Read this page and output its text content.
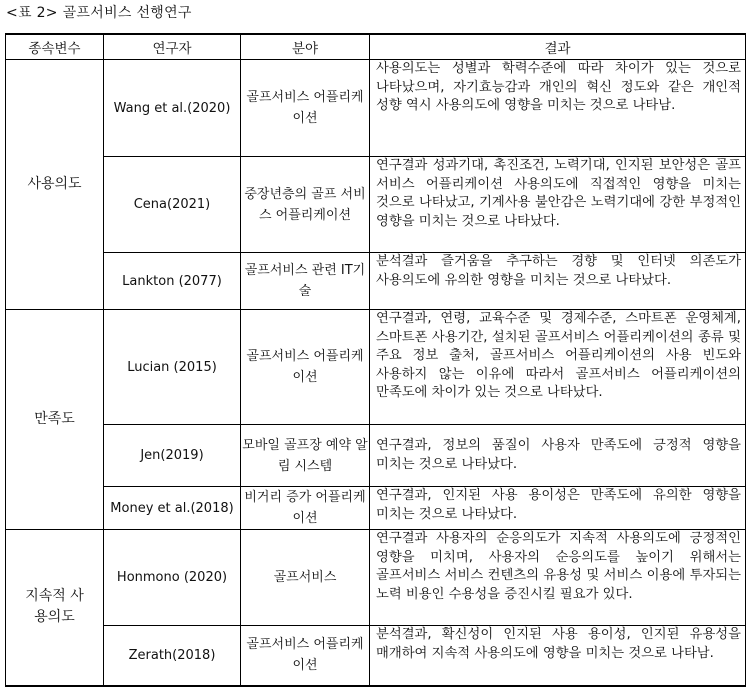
<표 2> 골프서비스 선행연구
종속변수	연구자	분야	결과
사용의도	Wang et al.(2020)	골프서비스 어플리케이션	사용의도는 성별과 학력수준에 따라 차이가 있는 것으로 나타났으며, 자기효능감과 개인의 혁신 정도와 같은 개인적 성향 역시 사용의도에 영향을 미치는 것으로 나타남.
	Cena(2021)	중장년층의 골프 서비스 어플리케이션	연구결과 성과기대, 촉진조건, 노력기대, 인지된 보안성은 골프 서비스 어플리케이션 사용의도에 직접적인 영향을 미치는 것으로 나타났고, 기계사용 불안감은 노력기대에 강한 부정적인 영향을 미치는 것으로 나타났다.
	Lankton (2077)	골프서비스 관련 IT기술	분석결과 즐거움을 추구하는 경향 및 인터넷 의존도가 사용의도에 유의한 영향을 미치는 것으로 나타났다.
만족도	Lucian (2015)	골프서비스 어플리케이션	연구결과, 연령, 교육수준 및 경제수준, 스마트폰 운영체계, 스마트폰 사용기간, 설치된 골프서비스 어플리케이션의 종류 및 주요 정보 출처, 골프서비스 어플리케이션의 사용 빈도와 사용하지 않는 이유에 따라서 골프서비스 어플리케이션의 만족도에 차이가 있는 것으로 나타났다.
	Jen(2019)	모바일 골프장 예약 알림 시스템	연구결과, 정보의 품질이 사용자 만족도에 긍정적 영향을 미치는 것으로 나타났다.
	Money et al.(2018)	비거리 증가 어플리케이션	연구결과, 인지된 사용 용이성은 만족도에 유의한 영향을 미치는 것으로 나타났다.
지속적 사용의도	Honmono (2020)	골프서비스	연구결과 사용자의 순응의도가 지속적 사용의도에 긍정적인 영향을 미치며, 사용자의 순응의도를 높이기 위해서는 골프서비스 서비스 컨텐츠의 유용성 및 서비스 이용에 투자되는 노력 비용인 수용성을 증진시킬 필요가 있다.
	Zerath(2018)	골프서비스 어플리케이션	분석결과, 확신성이 인지된 사용 용이성, 인지된 유용성을 매개하여 지속적 사용의도에 영향을 미치는 것으로 나타남.
